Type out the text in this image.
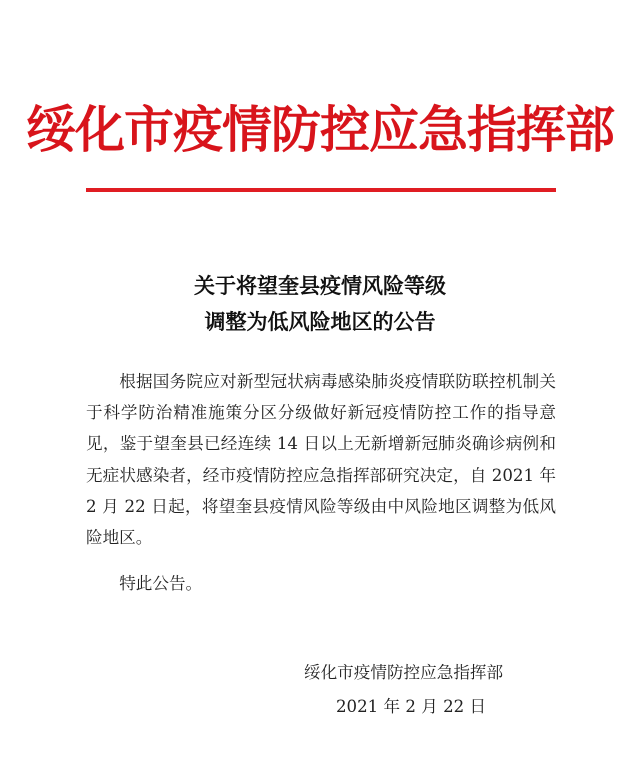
绥化市疫情防控应急指挥部
关于将望奎县疫情风险等级
调整为低风险地区的公告

根据国务院应对新型冠状病毒感染肺炎疫情联防联控机制关于科学防治精准施策分区分级做好新冠疫情防控工作的指导意见，鉴于望奎县已经连续 14 日以上无新增新冠肺炎确诊病例和无症状感染者，经市疫情防控应急指挥部研究决定，自 2021 年 2 月 22 日起，将望奎县疫情风险等级由中风险地区调整为低风险地区。

特此公告。
绥化市疫情防控应急指挥部
2021 年 2 月 22 日
